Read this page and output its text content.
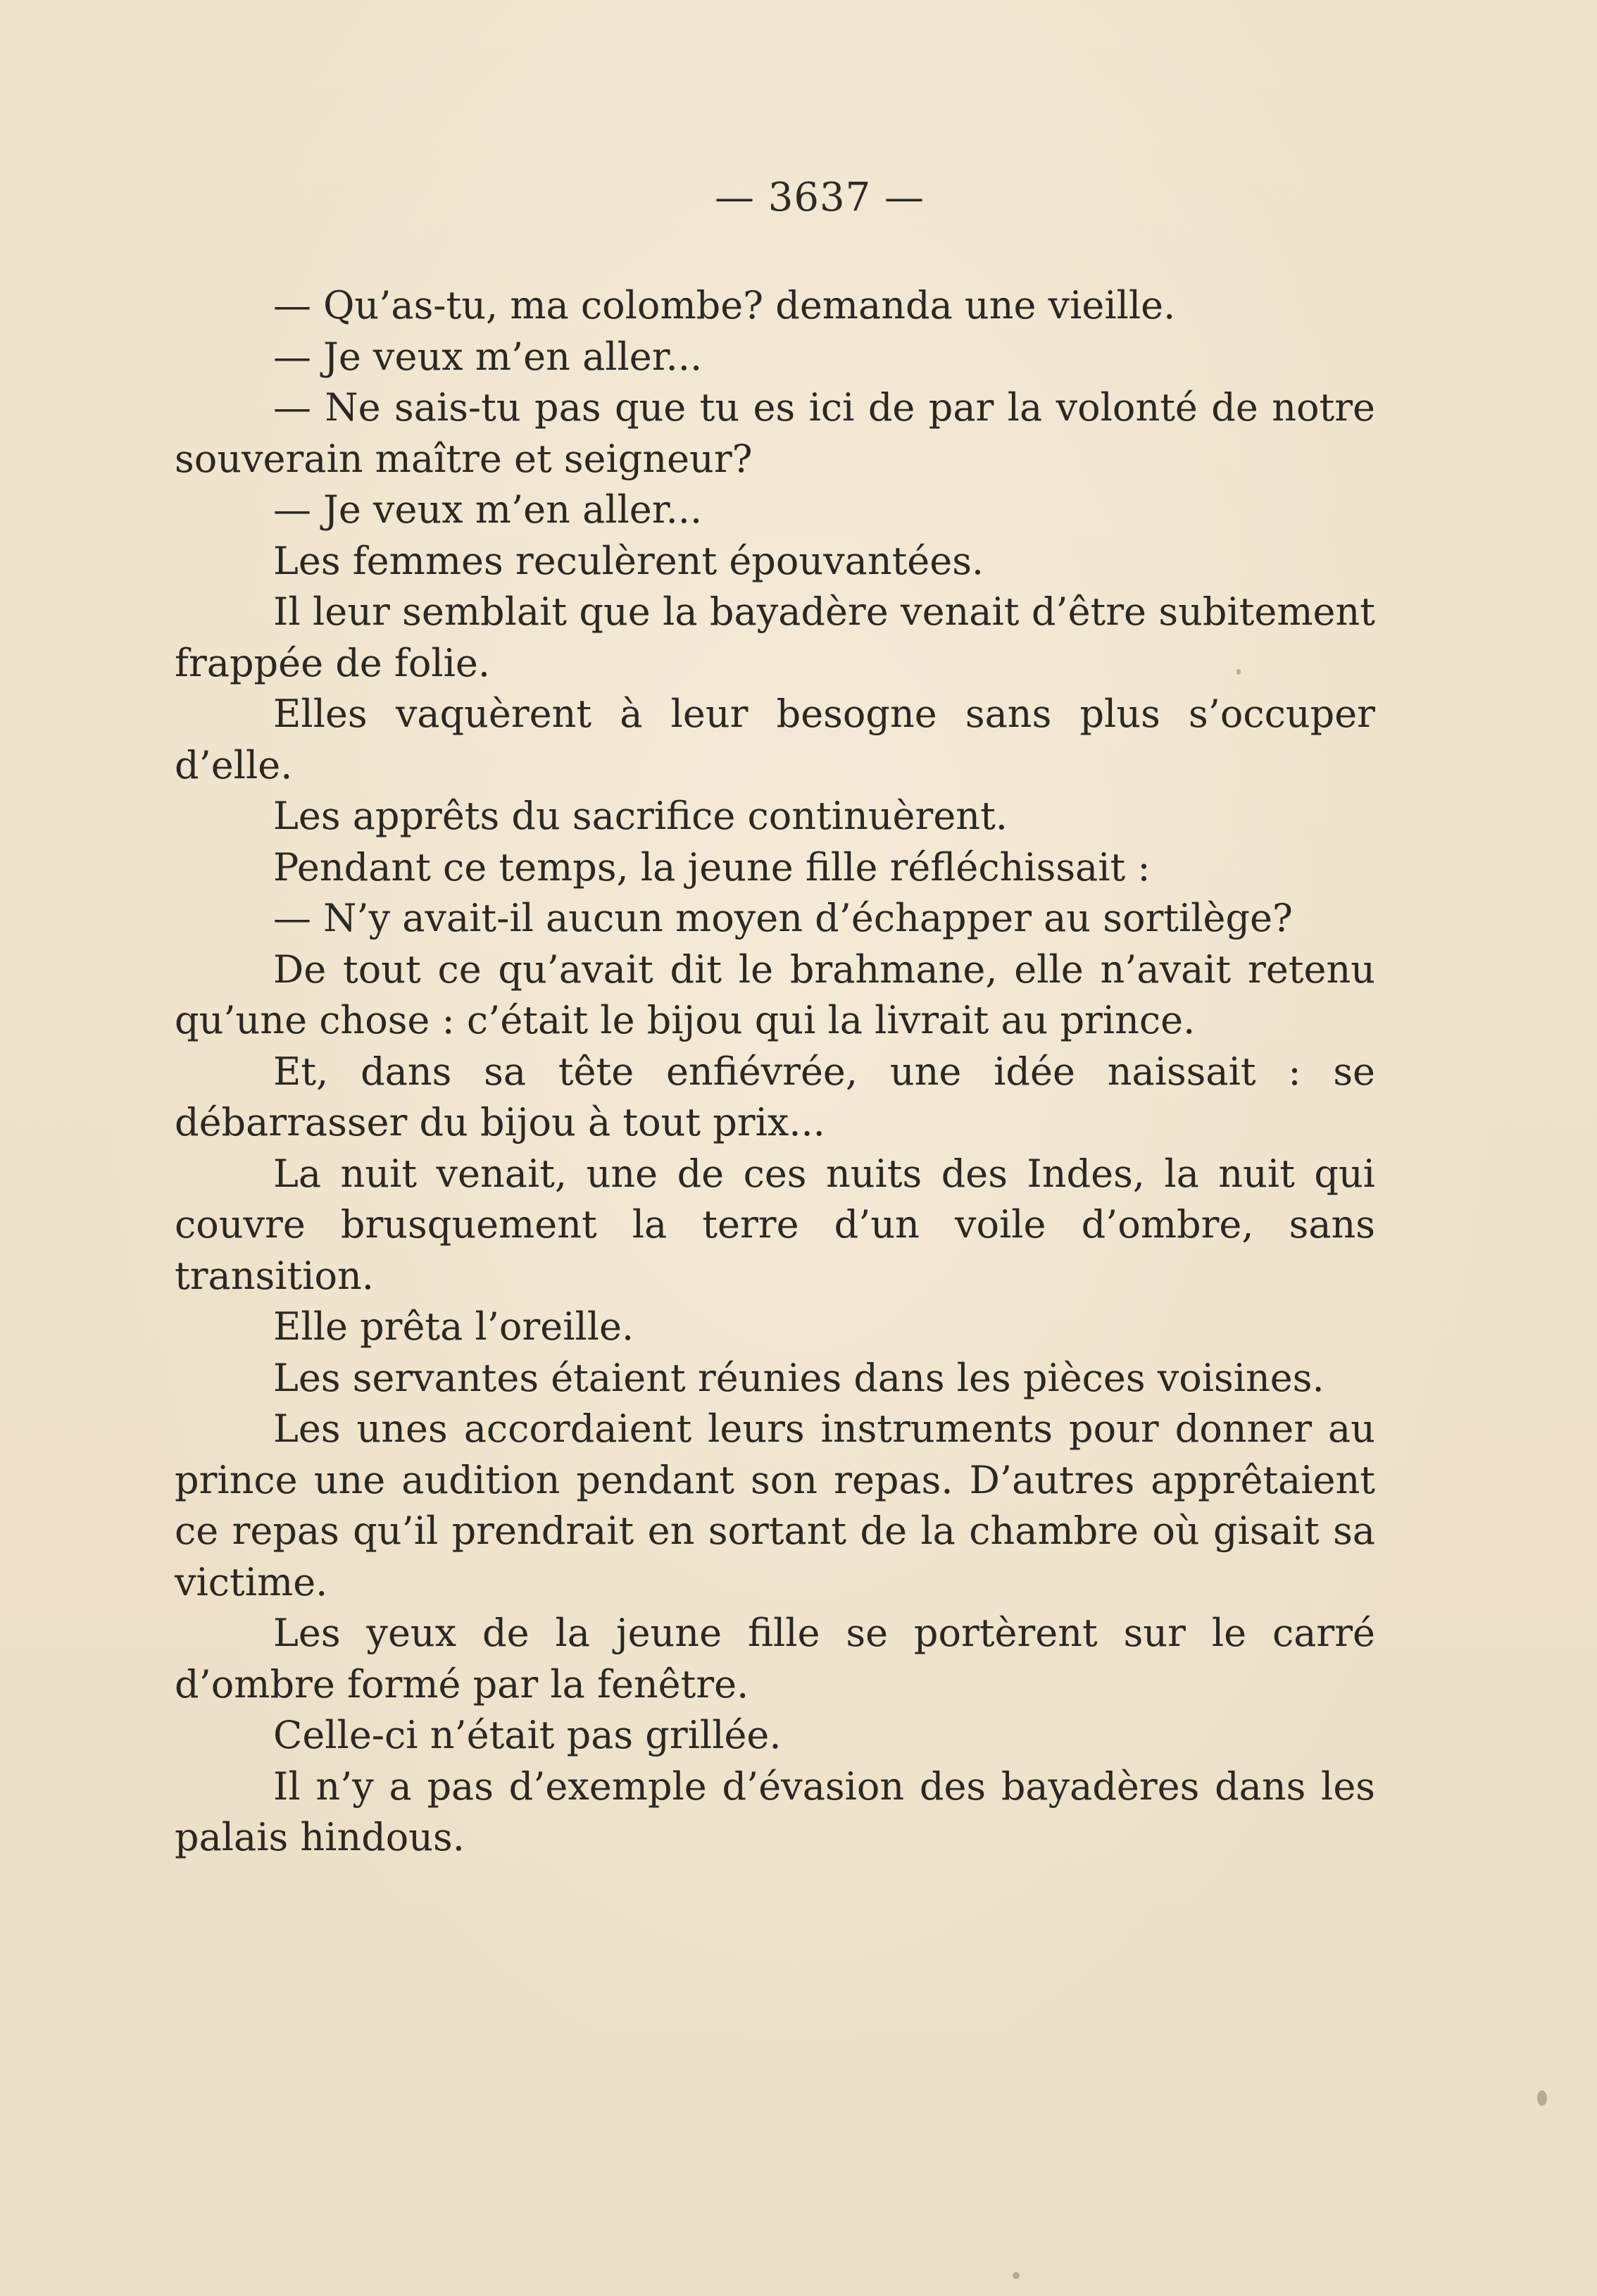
— 3637 —

— Qu’as-tu, ma colombe? demanda une vieille.

— Je veux m’en aller...

— Ne sais-tu pas que tu es ici de par la volonté de notre souverain maître et seigneur?

— Je veux m’en aller...

Les femmes reculèrent épouvantées.

Il leur semblait que la bayadère venait d’être subitement frappée de folie.

Elles vaquèrent à leur besogne sans plus s’occuper d’elle.

Les apprêts du sacrifice continuèrent.

Pendant ce temps, la jeune fille réfléchissait :

— N’y avait-il aucun moyen d’échapper au sortilège?

De tout ce qu’avait dit le brahmane, elle n’avait retenu qu’une chose : c’était le bijou qui la livrait au prince.

Et, dans sa tête enfiévrée, une idée naissait : se débarrasser du bijou à tout prix...

La nuit venait, une de ces nuits des Indes, la nuit qui couvre brusquement la terre d’un voile d’ombre, sans transition.

Elle prêta l’oreille.

Les servantes étaient réunies dans les pièces voisines.

Les unes accordaient leurs instruments pour donner au prince une audition pendant son repas. D’autres apprêtaient ce repas qu’il prendrait en sortant de la chambre où gisait sa victime.

Les yeux de la jeune fille se portèrent sur le carré d’ombre formé par la fenêtre.

Celle-ci n’était pas grillée.

Il n’y a pas d’exemple d’évasion des bayadères dans les palais hindous.
